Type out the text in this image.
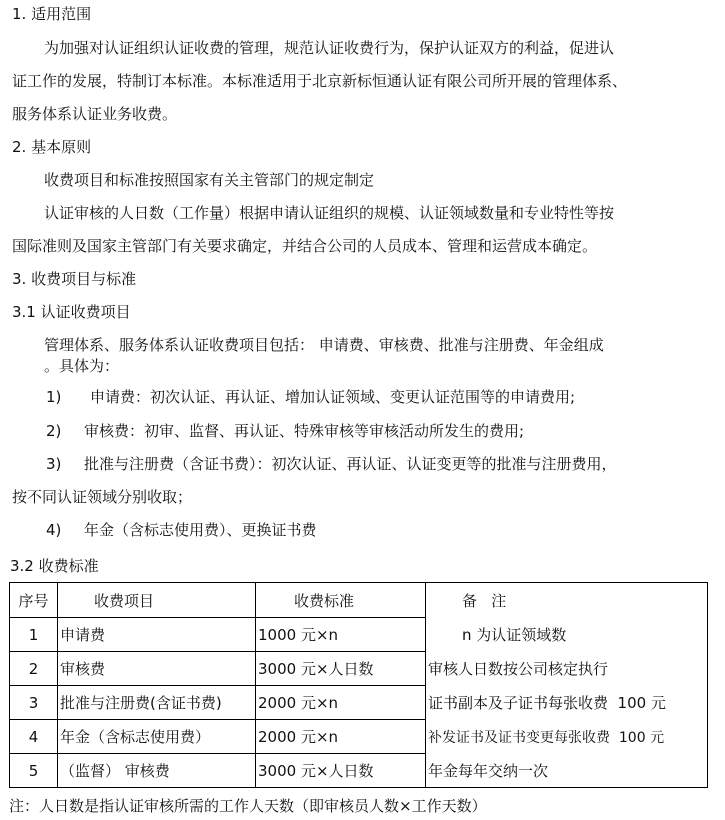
1. 适用范围
为加强对认证组织认证收费的管理，规范认证收费行为，保护认证双方的利益，促进认
证工作的发展，特制订本标准。本标准适用于北京新标恒通认证有限公司所开展的管理体系、
服务体系认证业务收费。
2. 基本原则
收费项目和标准按照国家有关主管部门的规定制定
认证审核的人日数（工作量）根据申请认证组织的规模、认证领域数量和专业特性等按
国际准则及国家主管部门有关要求确定，并结合公司的人员成本、管理和运营成本确定。
3. 收费项目与标准
3.1 认证收费项目
管理体系、服务体系认证收费项目包括： 申请费、审核费、批准与注册费、年金组成
。具体为：
1) 申请费：初次认证、再认证、增加认证领域、变更认证范围等的申请费用;
2) 审核费：初审、监督、再认证、特殊审核等审核活动所发生的费用;
3) 批准与注册费（含证书费）：初次认证、再认证、认证变更等的批准与注册费用，
按不同认证领域分别收取；
4) 年金（含标志使用费）、更换证书费
3.2 收费标准
序号	收费项目	收费标准	备   注
1	申请费	1000 元×n	n 为认证领域数
2	审核费	3000 元×人日数	审核人日数按公司核定执行
3	批准与注册费(含证书费)	2000 元×n	证书副本及子证书每张收费  100 元
4	年金（含标志使用费）	2000 元×n	补发证书及证书变更每张收费  100 元
5	（监督） 审核费	3000 元×人日数	年金每年交纳一次
注：人日数是指认证审核所需的工作人天数（即审核员人数×工作天数）
